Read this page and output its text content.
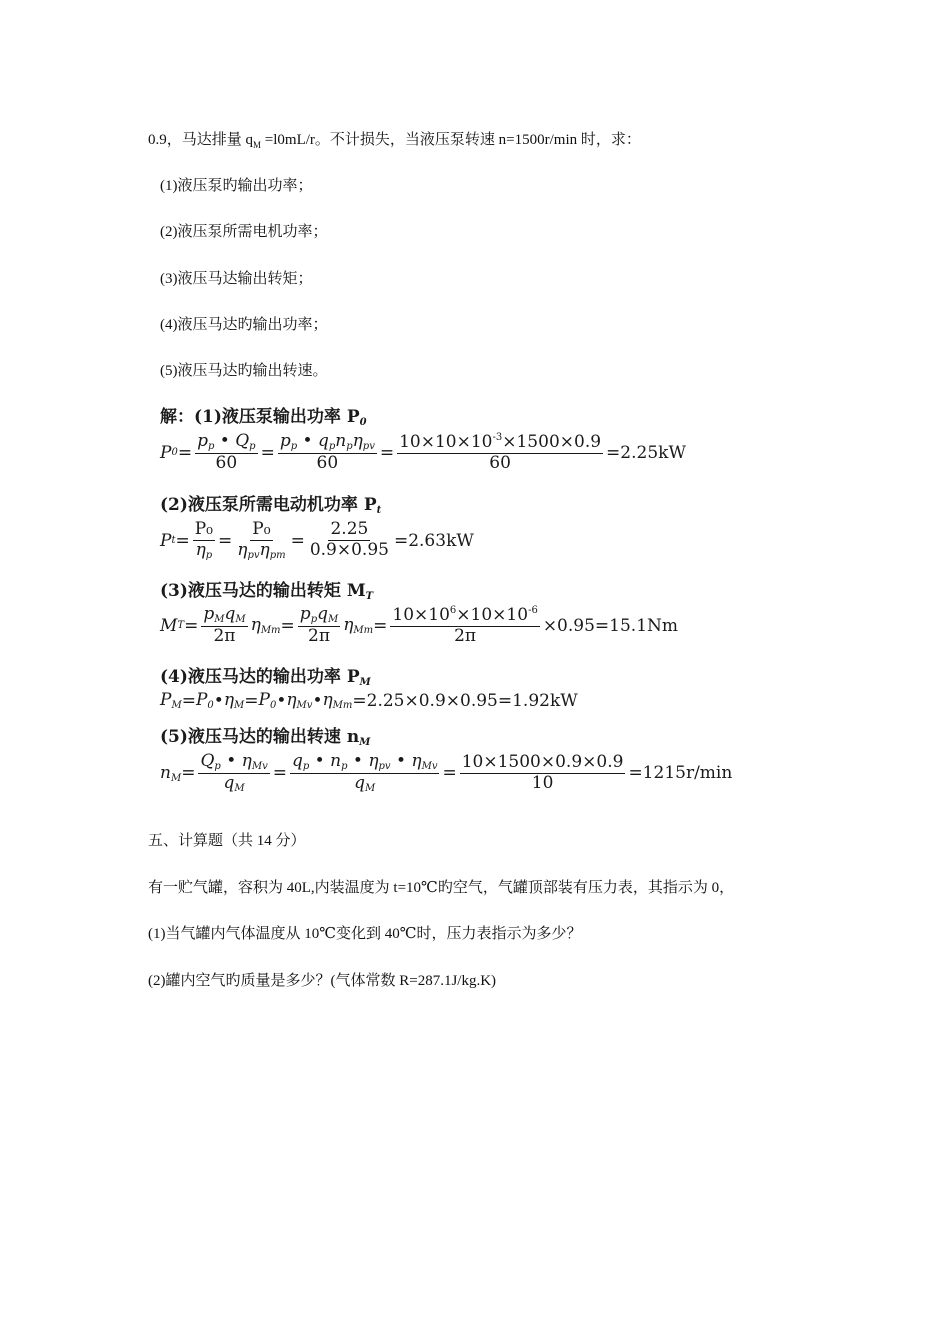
0.9，马达排量 $q_M =l0mL/r$。不计损失，当液压泵转速 n=1500r/min 时，求：
(1)液压泵旳输出功率；
(2)液压泵所需电机功率；
(3)液压马达输出转矩；
(4)液压马达旳输出功率；
(5)液压马达旳输出转速。
解：(1)液压泵输出功率 P0
P $0 = \frac{pp • Qp}{60} = \frac{\text{pp • qpnpηpv}}{60} = \frac{10\times 10\times 10^{-3}\times 1500\times 0.9}{60} =2.25kW$
(2)液压泵所需电动机功率 Pt
P $t = \frac{\text{P₀}}{\eta p} = \frac{\text{P₀}}{\text{ηpvηpm}} = \frac{2.25}{0.9\times 0.95} =2.63kW$
(3)液压马达的输出转矩 MT
M $T = \frac{\text{pMqM}}{2\pi}$ $\eta Mm = \frac{\text{ppqM}}{2\pi}$ $\eta Mm = \frac{10\times 10^6\times 10\times 10^{-6}}{2\pi} \times 0.95=15.1Nm$
(4)液压马达的输出功率 PM
PM = P0 • ηM = P0 • ηMv • ηMm =2.25×0.9×0.95=1.92kW
(5)液压马达的输出转速 nM
nM = $\frac{\text{Qp • ηMv}}{qM} = \frac{\text{qp • np • ηpv • ηMv}}{qM} = \frac{10\times 1500\times 0.9\times 0.9}{10} =1215r/\min$
五、计算题（共 14 分）
有一贮气罐，容积为 40L,内装温度为 t=10℃旳空气，气罐顶部装有压力表，其指示为 0，
(1)当气罐内气体温度从 10℃变化到 40℃时，压力表指示为多少？
(2)罐内空气旳质量是多少？(气体常数 R=287.1J/kg.K)
